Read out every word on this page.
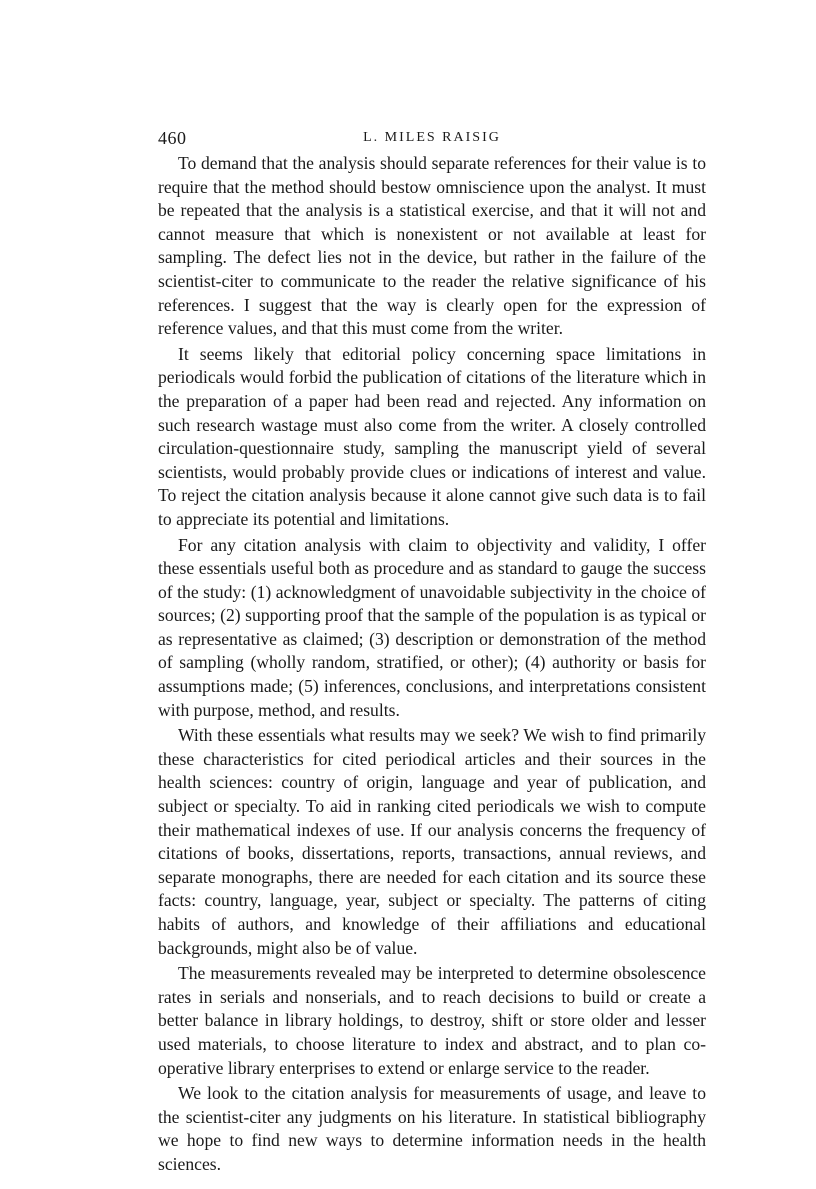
460	L. MILES RAISIG

To demand that the analysis should separate references for their value is to require that the method should bestow omniscience upon the analyst. It must be repeated that the analysis is a statistical exercise, and that it will not and cannot measure that which is nonexistent or not available at least for sampling. The defect lies not in the device, but rather in the failure of the scientist-citer to communicate to the reader the relative significance of his references. I suggest that the way is clearly open for the expression of reference values, and that this must come from the writer.

It seems likely that editorial policy concerning space limitations in periodicals would forbid the publication of citations of the literature which in the preparation of a paper had been read and rejected. Any information on such research wastage must also come from the writer. A closely controlled circulation-questionnaire study, sampling the manuscript yield of several scientists, would probably provide clues or indications of interest and value. To reject the citation analysis because it alone cannot give such data is to fail to appreciate its potential and limitations.

For any citation analysis with claim to objectivity and validity, I offer these essentials useful both as procedure and as standard to gauge the success of the study: (1) acknowledgment of unavoidable subjectivity in the choice of sources; (2) supporting proof that the sample of the population is as typical or as representative as claimed; (3) description or demonstration of the method of sampling (wholly random, stratified, or other); (4) authority or basis for assumptions made; (5) inferences, conclusions, and interpretations consistent with purpose, method, and results.

With these essentials what results may we seek? We wish to find primarily these characteristics for cited periodical articles and their sources in the health sciences: country of origin, language and year of publication, and subject or specialty. To aid in ranking cited periodicals we wish to compute their mathematical indexes of use. If our analysis concerns the frequency of citations of books, dissertations, reports, transactions, annual reviews, and separate monographs, there are needed for each citation and its source these facts: country, language, year, subject or specialty. The patterns of citing habits of authors, and knowledge of their affiliations and educational backgrounds, might also be of value.

The measurements revealed may be interpreted to determine obsolescence rates in serials and nonserials, and to reach decisions to build or create a better balance in library holdings, to destroy, shift or store older and lesser used materials, to choose literature to index and abstract, and to plan co-operative library enterprises to extend or enlarge service to the reader.

We look to the citation analysis for measurements of usage, and leave to the scientist-citer any judgments on his literature. In statistical bibliography we hope to find new ways to determine information needs in the health sciences.
